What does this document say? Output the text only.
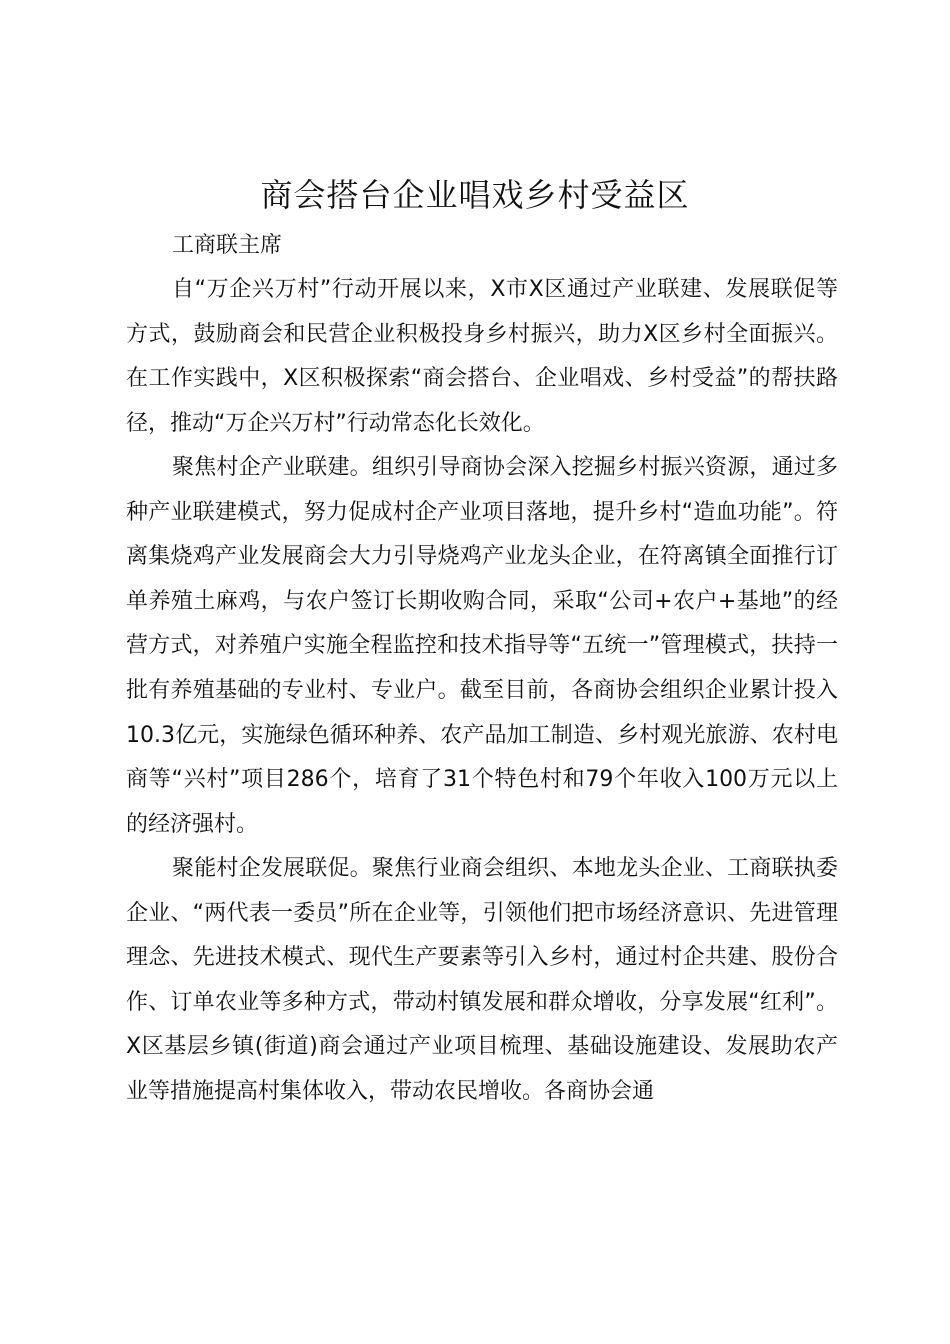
商会搭台企业唱戏乡村受益区

工商联主席

自“万企兴万村”行动开展以来，X市X区通过产业联建、发展联促等方式，鼓励商会和民营企业积极投身乡村振兴，助力X区乡村全面振兴。在工作实践中，X区积极探索“商会搭台、企业唱戏、乡村受益”的帮扶路径，推动“万企兴万村”行动常态化长效化。

聚焦村企产业联建。组织引导商协会深入挖掘乡村振兴资源，通过多种产业联建模式，努力促成村企产业项目落地，提升乡村“造血功能”。符离集烧鸡产业发展商会大力引导烧鸡产业龙头企业，在符离镇全面推行订单养殖土麻鸡，与农户签订长期收购合同，采取“公司+农户+基地”的经营方式，对养殖户实施全程监控和技术指导等“五统一”管理模式，扶持一批有养殖基础的专业村、专业户。截至目前，各商协会组织企业累计投入10.3亿元，实施绿色循环种养、农产品加工制造、乡村观光旅游、农村电商等“兴村”项目286个，培育了31个特色村和79个年收入100万元以上的经济强村。

聚能村企发展联促。聚焦行业商会组织、本地龙头企业、工商联执委企业、“两代表一委员”所在企业等，引领他们把市场经济意识、先进管理理念、先进技术模式、现代生产要素等引入乡村，通过村企共建、股份合作、订单农业等多种方式，带动村镇发展和群众增收，分享发展“红利”。X区基层乡镇(街道)商会通过产业项目梳理、基础设施建设、发展助农产业等措施提高村集体收入，带动农民增收。各商协会通
